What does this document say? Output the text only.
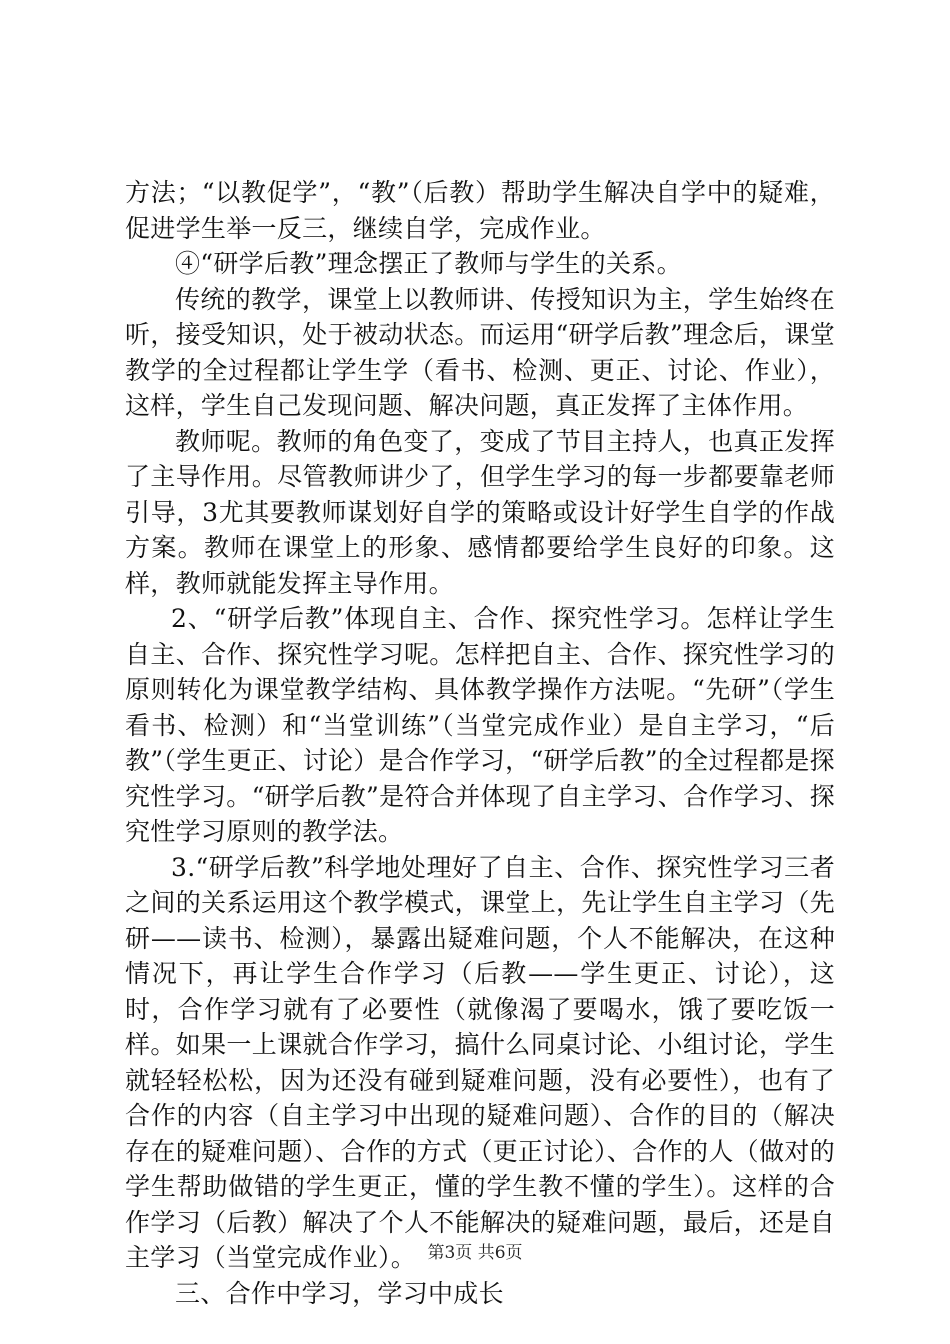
方法；“以教促学”，“教”（后教）帮助学生解决自学中的疑难，促进学生举一反三，继续自学，完成作业。

④“研学后教”理念摆正了教师与学生的关系。

传统的教学，课堂上以教师讲、传授知识为主，学生始终在听，接受知识，处于被动状态。而运用“研学后教”理念后，课堂教学的全过程都让学生学（看书、检测、更正、讨论、作业），这样，学生自己发现问题、解决问题，真正发挥了主体作用。

教师呢。教师的角色变了，变成了节目主持人，也真正发挥了主导作用。尽管教师讲少了，但学生学习的每一步都要靠老师引导，3尤其要教师谋划好自学的策略或设计好学生自学的作战方案。教师在课堂上的形象、感情都要给学生良好的印象。这样，教师就能发挥主导作用。

2、“研学后教”体现自主、合作、探究性学习。怎样让学生自主、合作、探究性学习呢。怎样把自主、合作、探究性学习的原则转化为课堂教学结构、具体教学操作方法呢。“先研”（学生看书、检测）和“当堂训练”（当堂完成作业）是自主学习，“后教”（学生更正、讨论）是合作学习，“研学后教”的全过程都是探究性学习。“研学后教”是符合并体现了自主学习、合作学习、探究性学习原则的教学法。

3.“研学后教”科学地处理好了自主、合作、探究性学习三者之间的关系运用这个教学模式，课堂上，先让学生自主学习（先研——读书、检测），暴露出疑难问题，个人不能解决，在这种情况下，再让学生合作学习（后教——学生更正、讨论），这时，合作学习就有了必要性（就像渴了要喝水，饿了要吃饭一样。如果一上课就合作学习，搞什么同桌讨论、小组讨论，学生就轻轻松松，因为还没有碰到疑难问题，没有必要性），也有了合作的内容（自主学习中出现的疑难问题）、合作的目的（解决存在的疑难问题）、合作的方式（更正讨论）、合作的人（做对的学生帮助做错的学生更正，懂的学生教不懂的学生）。这样的合作学习（后教）解决了个人不能解决的疑难问题，最后，还是自主学习（当堂完成作业）。

三、合作中学习，学习中成长

第3页 共6页
